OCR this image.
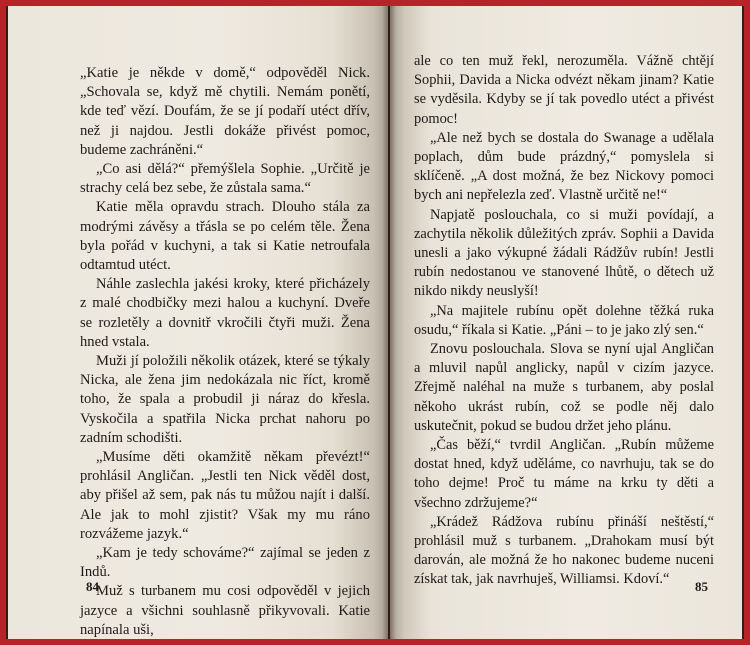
„Katie je někde v domě,“ odpověděl Nick. „Schovala se, když mě chytili. Nemám ponětí, kde teď vězí. Doufám, že se jí podaří utéct dřív, než ji najdou. Jestli dokáže přivést pomoc, budeme zachráněni.“

„Co asi dělá?“ přemýšlela Sophie. „Určitě je strachy celá bez sebe, že zůstala sama.“

Katie měla opravdu strach. Dlouho stála za modrými závěsy a třásla se po celém těle. Žena byla pořád v kuchyni, a tak si Katie netroufala odtamtud utéct.

Náhle zaslechla jakési kroky, které přicházely z malé chodbičky mezi halou a kuchyní. Dveře se rozletěly a dovnitř vkročili čtyři muži. Žena hned vstala.

Muži jí položili několik otázek, které se týkaly Nicka, ale žena jim nedokázala nic říct, kromě toho, že spala a probudil ji náraz do křesla. Vyskočila a spatřila Nicka prchat nahoru po zadním schodišti.

„Musíme děti okamžitě někam převézt!“ prohlásil Angličan. „Jestli ten Nick věděl dost, aby přišel až sem, pak nás tu můžou najít i další. Ale jak to mohl zjistit? Však my mu ráno rozvážeme jazyk.“

„Kam je tedy schováme?“ zajímal se jeden z Indů.

Muž s turbanem mu cosi odpověděl v jejich jazyce a všichni souhlasně přikyvovali. Katie napínala uši,

84

ale co ten muž řekl, nerozuměla. Vážně chtějí Sophii, Davida a Nicka odvézt někam jinam? Katie se vyděsila. Kdyby se jí tak povedlo utéct a přivést pomoc!

„Ale než bych se dostala do Swanage a udělala poplach, dům bude prázdný,“ pomyslela si sklíčeně. „A dost možná, že bez Nickovy pomoci bych ani nepřelezla zeď. Vlastně určitě ne!“

Napjatě poslouchala, co si muži povídají, a zachytila několik důležitých zpráv. Sophii a Davida unesli a jako výkupné žádali Rádžův rubín! Jestli rubín nedostanou ve stanovené lhůtě, o dětech už nikdo nikdy neuslyší!

„Na majitele rubínu opět dolehne těžká ruka osudu,“ říkala si Katie. „Páni – to je jako zlý sen.“

Znovu poslouchala. Slova se nyní ujal Angličan a mluvil napůl anglicky, napůl v cizím jazyce. Zřejmě naléhal na muže s turbanem, aby poslal někoho ukrást rubín, což se podle něj dalo uskutečnit, pokud se budou držet jeho plánu.

„Čas běží,“ tvrdil Angličan. „Rubín můžeme dostat hned, když uděláme, co navrhuju, tak se do toho dejme! Proč tu máme na krku ty děti a všechno zdržujeme?“

„Krádež Rádžova rubínu přináší neštěstí,“ prohlásil muž s turbanem. „Drahokam musí být darován, ale možná že ho nakonec budeme nuceni získat tak, jak navrhuješ, Williamsi. Kdoví.“	85
